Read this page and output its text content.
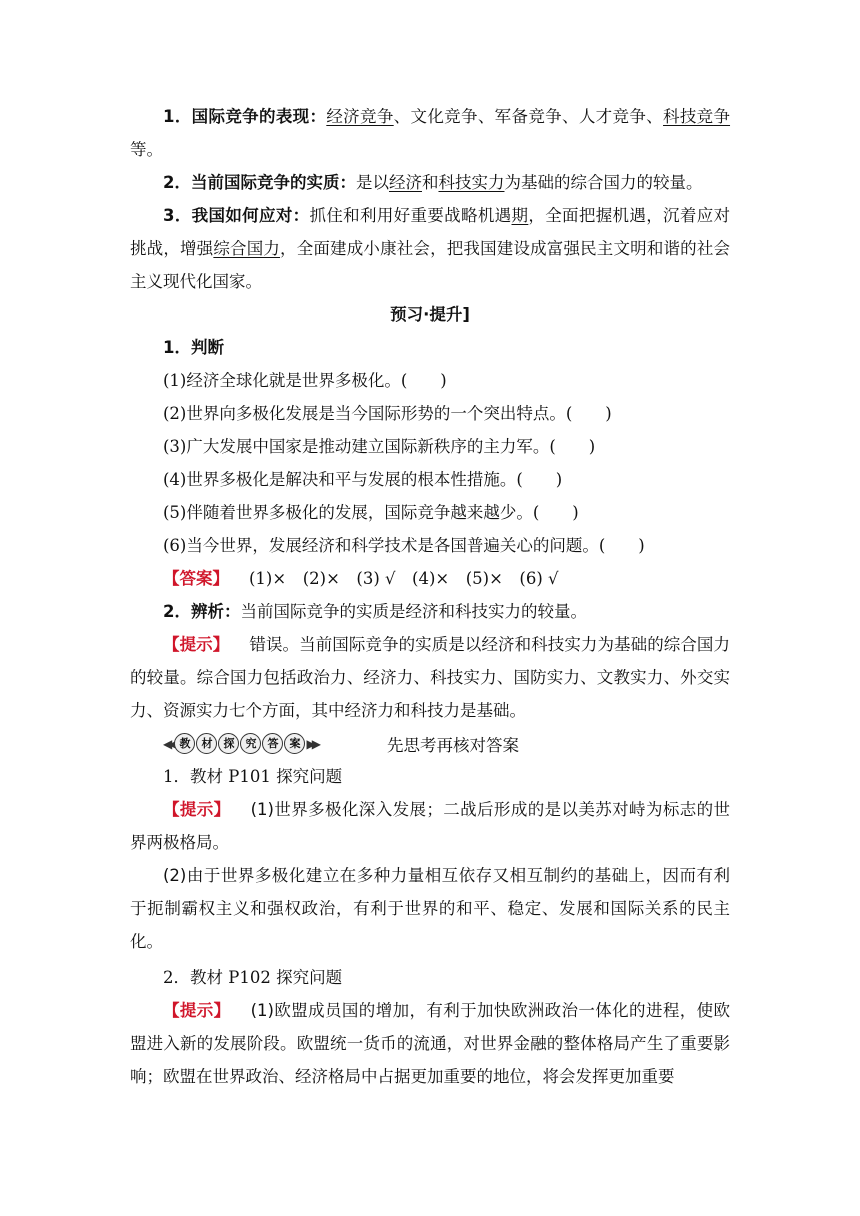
1．国际竞争的表现：经济竞争、文化竞争、军备竞争、人才竞争、科技竞争等。

2．当前国际竞争的实质：是以经济和科技实力为基础的综合国力的较量。

3．我国如何应对：抓住和利用好重要战略机遇期，全面把握机遇，沉着应对挑战，增强综合国力，全面建成小康社会，把我国建设成富强民主文明和谐的社会主义现代化国家。

预习·提升]

1．判断

(1)经济全球化就是世界多极化。(　　)

(2)世界向多极化发展是当今国际形势的一个突出特点。(　　)

(3)广大发展中国家是推动建立国际新秩序的主力军。(　　)

(4)世界多极化是解决和平与发展的根本性措施。(　　)

(5)伴随着世界多极化的发展，国际竞争越来越少。(　　)

(6)当今世界，发展经济和科学技术是各国普遍关心的问题。(　　)

【答案】 (1)×　(2)×　(3) √　(4)×　(5)×　(6) √

2．辨析：当前国际竞争的实质是经济和科技实力的较量。

【提示】 错误。当前国际竞争的实质是以经济和科技实力为基础的综合国力的较量。综合国力包括政治力、经济力、科技实力、国防实力、文教实力、外交实力、资源实力七个方面，其中经济力和科技力是基础。

◀◀ 教	材	探	究	答	案 ▶▶	先思考再核对答案

1．教材 P101 探究问题

【提示】 (1)世界多极化深入发展；二战后形成的是以美苏对峙为标志的世界两极格局。

(2)由于世界多极化建立在多种力量相互依存又相互制约的基础上，因而有利于扼制霸权主义和强权政治，有利于世界的和平、稳定、发展和国际关系的民主化。

2．教材 P102 探究问题

【提示】 (1)欧盟成员国的增加，有利于加快欧洲政治一体化的进程，使欧盟进入新的发展阶段。欧盟统一货币的流通，对世界金融的整体格局产生了重要影响；欧盟在世界政治、经济格局中占据更加重要的地位，将会发挥更加重要
